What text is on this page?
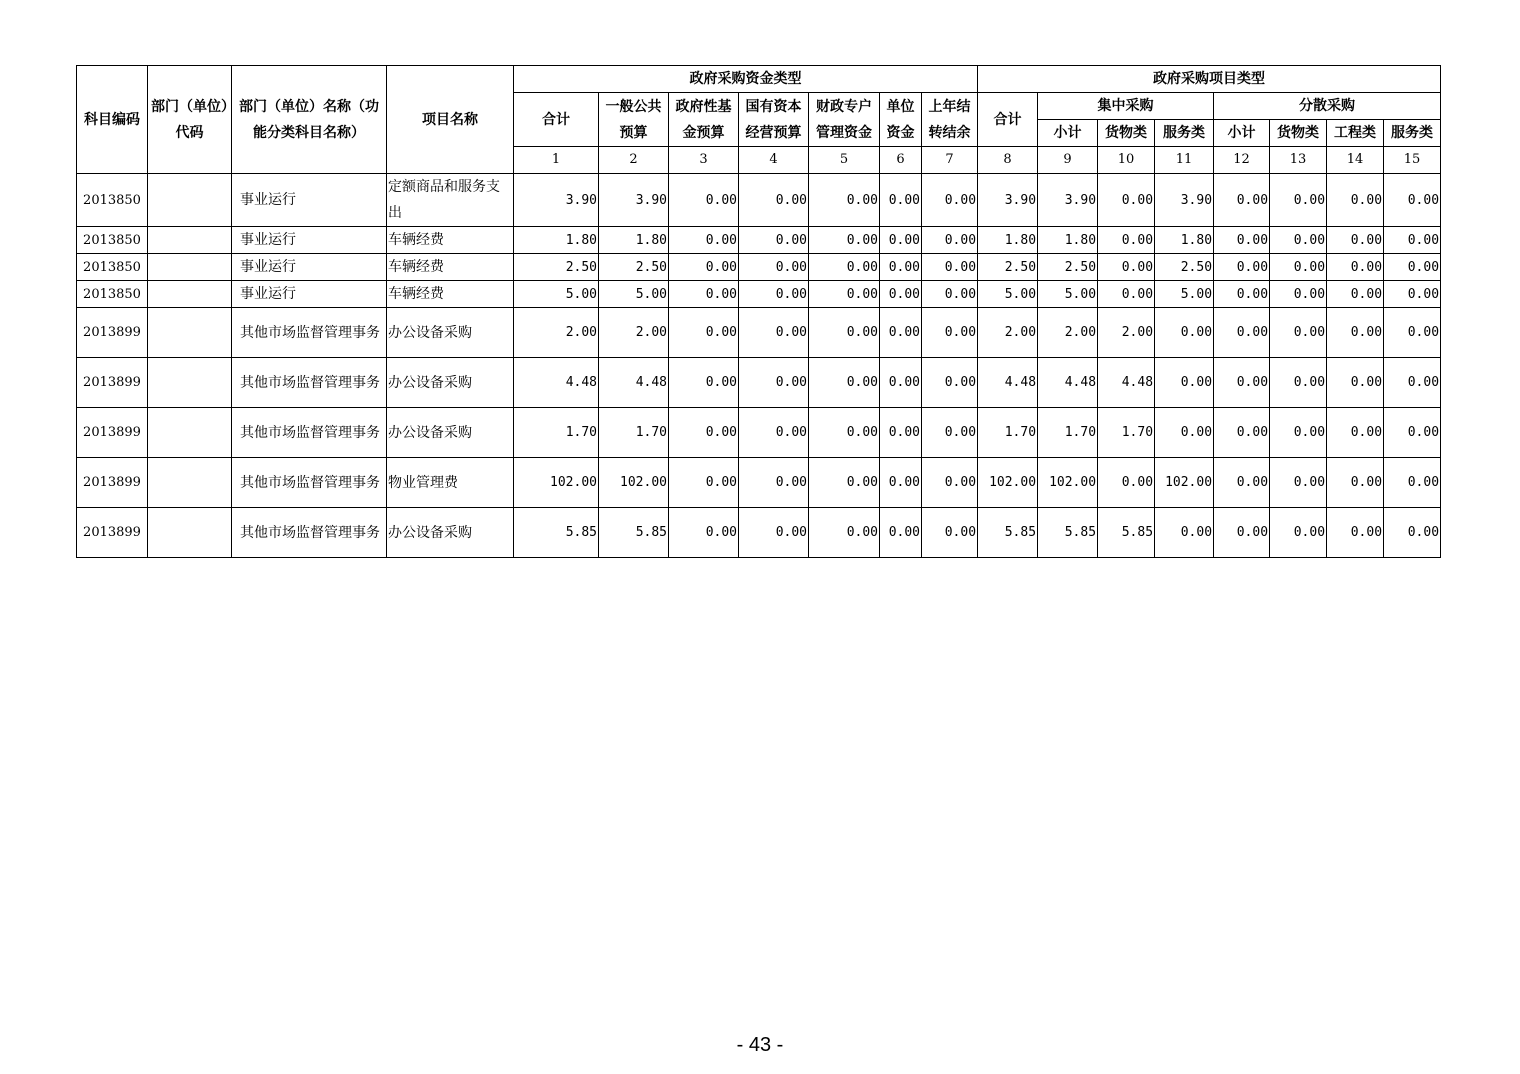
科目编码	部门（单位）代码	部门（单位）名称（功能分类科目名称）	项目名称	政府采购资金类型							政府采购项目类型							
				合计	一般公共预算	政府性基金预算	国有资本经营预算	财政专户管理资金	单位资金	上年结转结余	合计	集中采购			分散采购			
												小计	货物类	服务类	小计	货物类	工程类	服务类
				1	2	3	4	5	6	7	8	9	10	11	12	13	14	15
2013850		事业运行	定额商品和服务支出	3.90	3.90	0.00	0.00	0.00	0.00	0.00	3.90	3.90	0.00	3.90	0.00	0.00	0.00	0.00
2013850		事业运行	车辆经费	1.80	1.80	0.00	0.00	0.00	0.00	0.00	1.80	1.80	0.00	1.80	0.00	0.00	0.00	0.00
2013850		事业运行	车辆经费	2.50	2.50	0.00	0.00	0.00	0.00	0.00	2.50	2.50	0.00	2.50	0.00	0.00	0.00	0.00
2013850		事业运行	车辆经费	5.00	5.00	0.00	0.00	0.00	0.00	0.00	5.00	5.00	0.00	5.00	0.00	0.00	0.00	0.00
2013899		其他市场监督管理事务	办公设备采购	2.00	2.00	0.00	0.00	0.00	0.00	0.00	2.00	2.00	2.00	0.00	0.00	0.00	0.00	0.00
2013899		其他市场监督管理事务	办公设备采购	4.48	4.48	0.00	0.00	0.00	0.00	0.00	4.48	4.48	4.48	0.00	0.00	0.00	0.00	0.00
2013899		其他市场监督管理事务	办公设备采购	1.70	1.70	0.00	0.00	0.00	0.00	0.00	1.70	1.70	1.70	0.00	0.00	0.00	0.00	0.00
2013899		其他市场监督管理事务	物业管理费	102.00	102.00	0.00	0.00	0.00	0.00	0.00	102.00	102.00	0.00	102.00	0.00	0.00	0.00	0.00
2013899		其他市场监督管理事务	办公设备采购	5.85	5.85	0.00	0.00	0.00	0.00	0.00	5.85	5.85	5.85	0.00	0.00	0.00	0.00	0.00
- 43 -
